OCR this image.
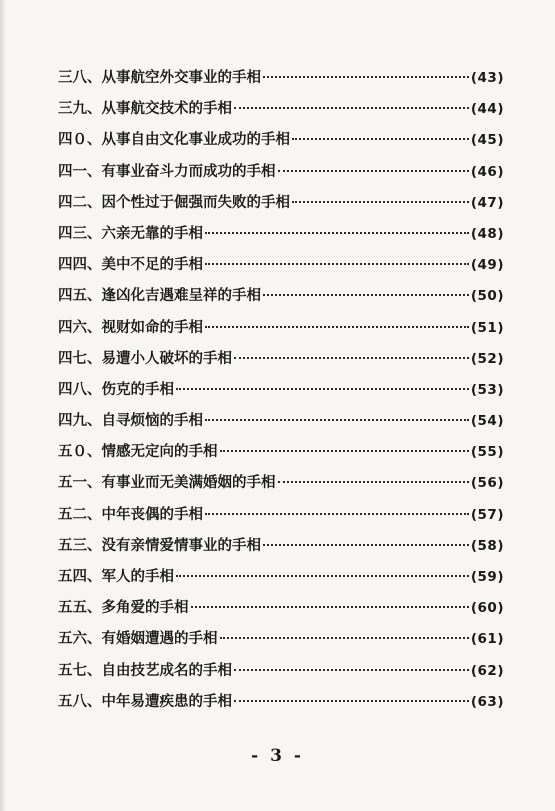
三八、 从事航空外交事业的手相	(43)
三九、 从事航交技术的手相	(44)
四０、 从事自由文化事业成功的手相	(45)
四一、 有事业奋斗力而成功的手相	(46)
四二、 因个性过于倔强而失败的手相	(47)
四三、 六亲无靠的手相	(48)
四四、 美中不足的手相	(49)
四五、 逢凶化吉遇难呈祥的手相	(50)
四六、 视财如命的手相	(51)
四七、 易遭小人破坏的手相	(52)
四八、 伤克的手相	(53)
四九、 自寻烦恼的手相	(54)
五０、 情感无定向的手相	(55)
五一、 有事业而无美满婚姻的手相	(56)
五二、 中年丧偶的手相	(57)
五三、 没有亲情爱情事业的手相	(58)
五四、 军人的手相	(59)
五五、 多角爱的手相	(60)
五六、 有婚姻遭遇的手相	(61)
五七、 自由技艺成名的手相	(62)
五八、 中年易遭疾患的手相	(63)
- 3 -
